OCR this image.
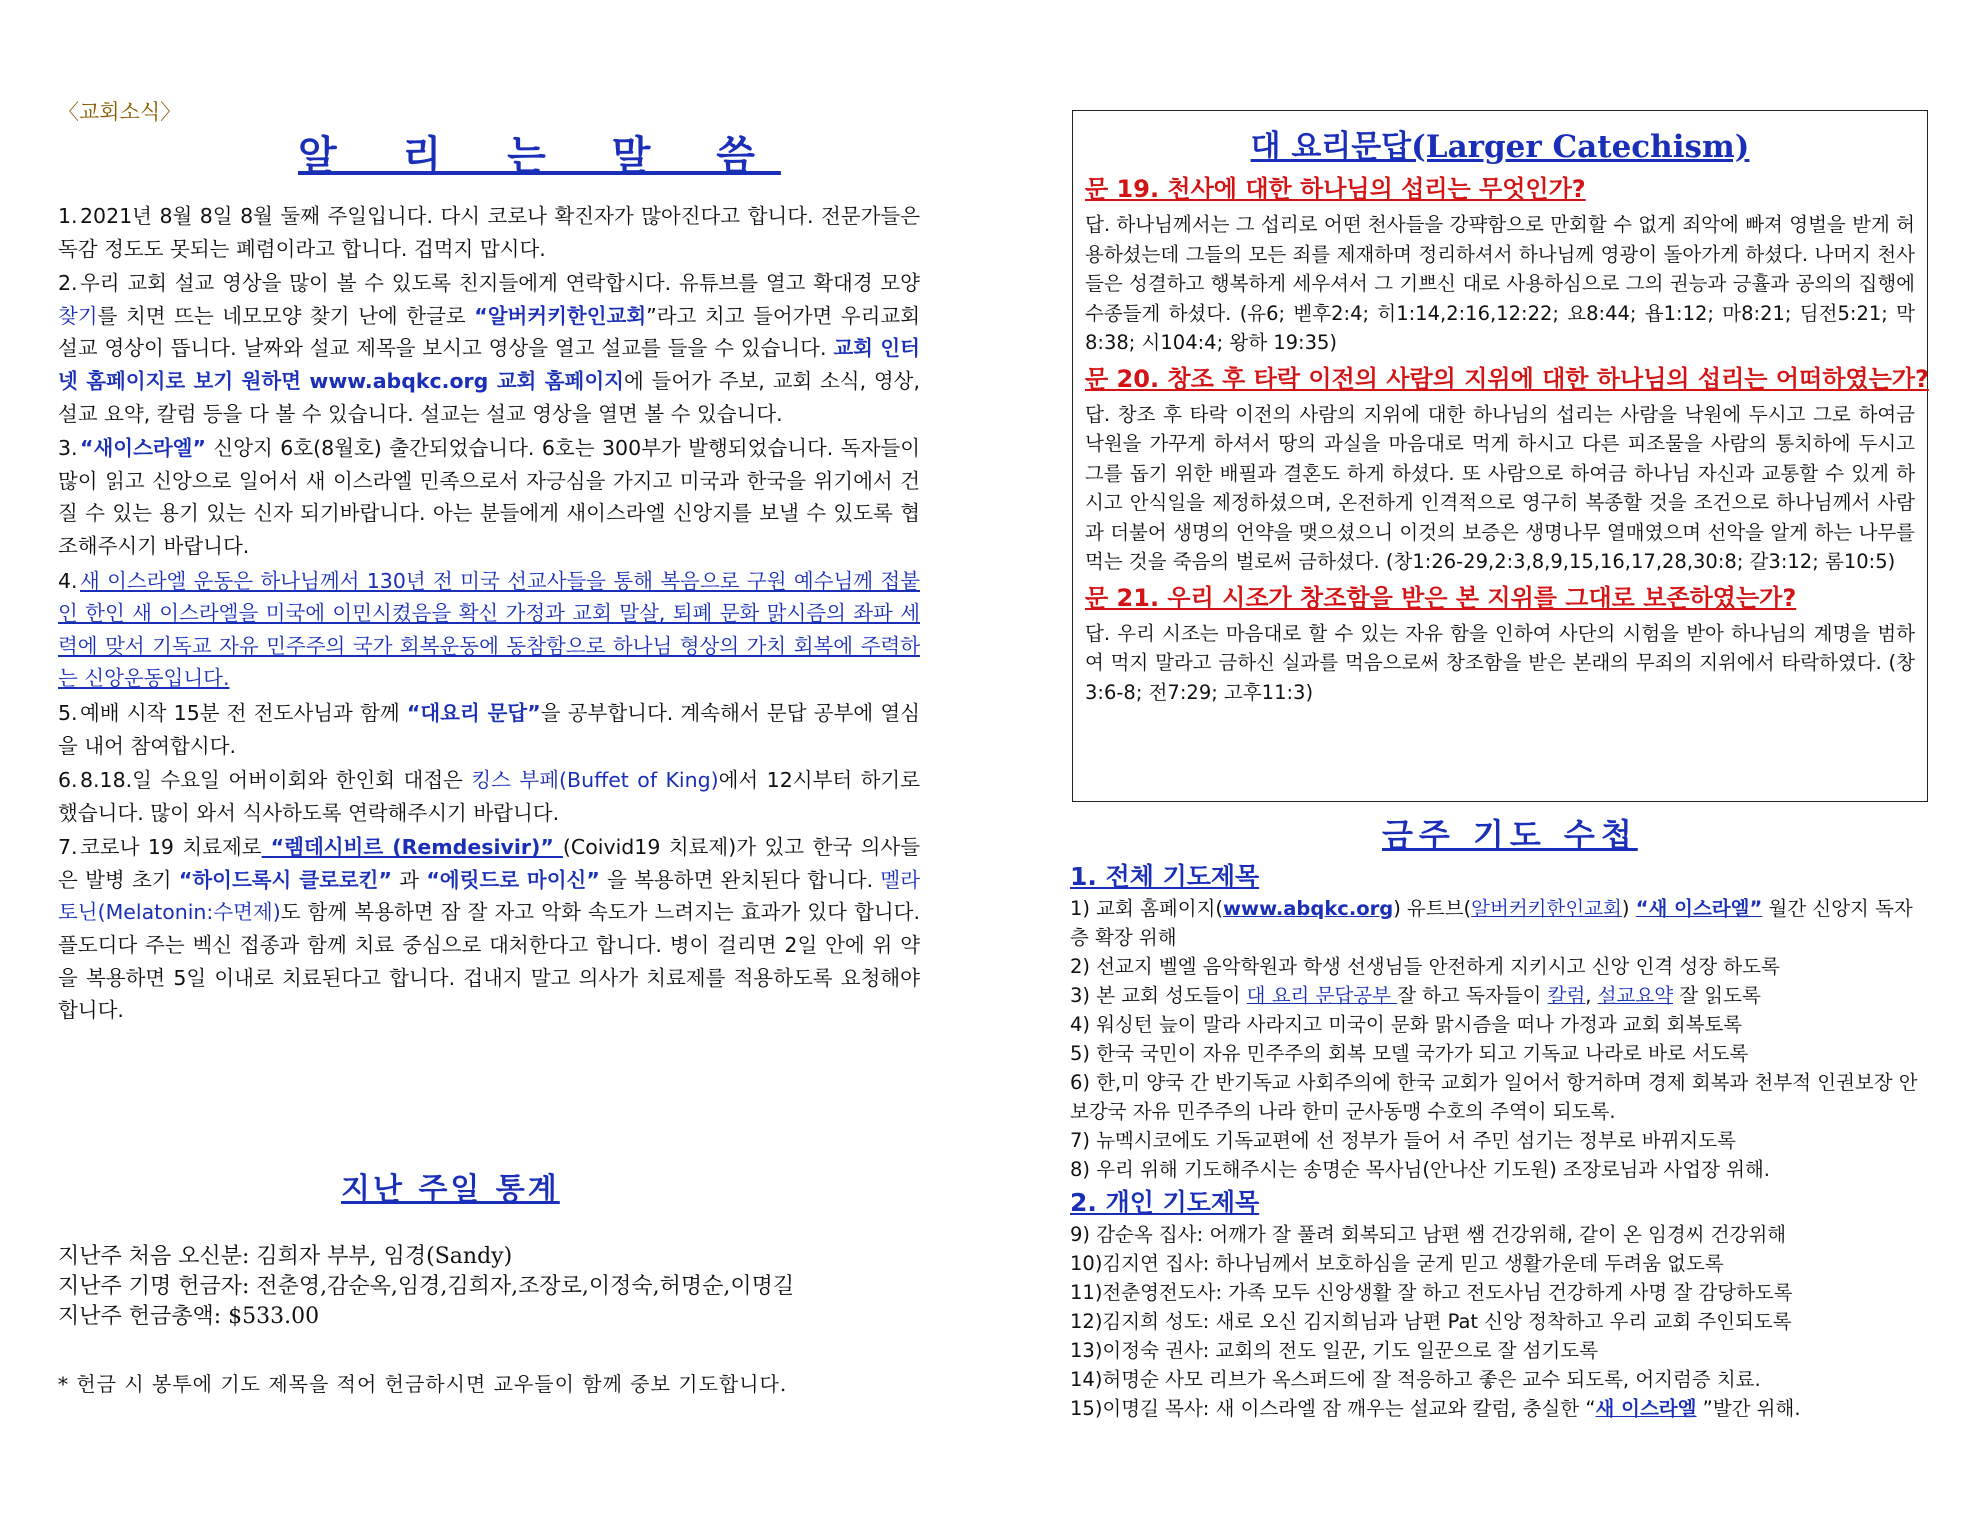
〈교회소식〉
알 리 는 말 씀
1. 2021년 8월 8일 8월 둘째 주일입니다. 다시 코로나 확진자가 많아진다고 합니다. 전문가들은 독감 정도도 못되는 폐렴이라고 합니다. 겁먹지 맙시다.
2. 우리 교회 설교 영상을 많이 볼 수 있도록 친지들에게 연락합시다. 유튜브를 열고 확대경 모양 찾기를 치면 뜨는 네모모양 찾기 난에 한글로 “알버커키한인교회”라고 치고 들어가면 우리교회 설교 영상이 뜹니다. 날짜와 설교 제목을 보시고 영상을 열고 설교를 들을 수 있습니다. 교회 인터넷 홈페이지로 보기 원하면 www.abqkc.org 교회 홈페이지에 들어가 주보, 교회 소식, 영상, 설교 요약, 칼럼 등을 다 볼 수 있습니다. 설교는 설교 영상을 열면 볼 수 있습니다.
3. “새이스라엘” 신앙지 6호(8월호) 출간되었습니다. 6호는 300부가 발행되었습니다. 독자들이 많이 읽고 신앙으로 일어서 새 이스라엘 민족으로서 자긍심을 가지고 미국과 한국을 위기에서 건질 수 있는 용기 있는 신자 되기바랍니다. 아는 분들에게 새이스라엘 신앙지를 보낼 수 있도록 협조해주시기 바랍니다.
4. 새 이스라엘 운동은 하나님께서 130년 전 미국 선교사들을 통해 복음으로 구원 예수님께 접붙인 한인 새 이스라엘을 미국에 이민시켰음을 확신 가정과 교회 말살, 퇴폐 문화 맑시즘의 좌파 세력에 맞서 기독교 자유 민주주의 국가 회복운동에 동참함으로 하나님 형상의 가치 회복에 주력하는 신앙운동입니다.
5. 예배 시작 15분 전 전도사님과 함께 “대요리 문답”을 공부합니다. 계속해서 문답 공부에 열심을 내어 참여합시다.
6. 8.18.일 수요일 어버이회와 한인회 대접은 킹스 부페(Buffet of King)에서 12시부터 하기로 했습니다. 많이 와서 식사하도록 연락해주시기 바랍니다.
7. 코로나 19 치료제로 “렘데시비르 (Remdesivir)” (Coivid19 치료제)가 있고 한국 의사들은 발병 초기 “하이드록시 클로로킨” 과 “에릿드로 마이신” 을 복용하면 완치된다 합니다. 멜라토닌(Melatonin:수면제)도 함께 복용하면 잠 잘 자고 악화 속도가 느려지는 효과가 있다 합니다. 플도디다 주는 벡신 접종과 함께 치료 중심으로 대처한다고 합니다. 병이 걸리면 2일 안에 위 약을 복용하면 5일 이내로 치료된다고 합니다. 겁내지 말고 의사가 치료제를 적용하도록 요청해야 합니다.
지난 주일 통계
지난주 처음 오신분: 김희자 부부, 임경(Sandy)
지난주 기명 헌금자: 전춘영,감순옥,임경,김희자,조장로,이정숙,허명순,이명길
지난주 헌금총액: $533.00
* 헌금 시 봉투에 기도 제목을 적어 헌금하시면 교우들이 함께 중보 기도합니다.
대 요리문답(Larger Catechism)

문 19. 천사에 대한 하나님의 섭리는 무엇인가?

답. 하나님께서는 그 섭리로 어떤 천사들을 강퍅함으로 만회할 수 없게 죄악에 빠져 영벌을 받게 허용하셨는데 그들의 모든 죄를 제재하며 정리하셔서 하나님께 영광이 돌아가게 하셨다. 나머지 천사들은 성결하고 행복하게 세우셔서 그 기쁘신 대로 사용하심으로 그의 권능과 긍휼과 공의의 집행에 수종들게 하셨다. (유6; 벧후2:4; 히1:14,2:16,12:22; 요8:44; 욥1:12; 마8:21; 딤전5:21; 막8:38; 시104:4; 왕하 19:35)

문 20. 창조 후 타락 이전의 사람의 지위에 대한 하나님의 섭리는 어떠하였는가?

답. 창조 후 타락 이전의 사람의 지위에 대한 하나님의 섭리는 사람을 낙원에 두시고 그로 하여금 낙원을 가꾸게 하셔서 땅의 과실을 마음대로 먹게 하시고 다른 피조물을 사람의 통치하에 두시고 그를 돕기 위한 배필과 결혼도 하게 하셨다. 또 사람으로 하여금 하나님 자신과 교통할 수 있게 하시고 안식일을 제정하셨으며, 온전하게 인격적으로 영구히 복종할 것을 조건으로 하나님께서 사람과 더불어 생명의 언약을 맺으셨으니 이것의 보증은 생명나무 열매였으며 선악을 알게 하는 나무를 먹는 것을 죽음의 벌로써 금하셨다. (창1:26-29,2:3,8,9,15,16,17,28,30:8; 갈3:12; 롬10:5)

문 21. 우리 시조가 창조함을 받은 본 지위를 그대로 보존하였는가?

답. 우리 시조는 마음대로 할 수 있는 자유 함을 인하여 사단의 시험을 받아 하나님의 계명을 범하여 먹지 말라고 금하신 실과를 먹음으로써 창조함을 받은 본래의 무죄의 지위에서 타락하였다. (창3:6-8; 전7:29; 고후11:3)

금주 기도 수첩
1. 전체 기도제목
1) 교회 홈페이지(www.abqkc.org) 유트브(알버커키한인교회) “새 이스라엘” 월간 신앙지 독자층 확장 위해
2) 선교지 벨엘 음악학원과 학생 선생님들 안전하게 지키시고 신앙 인격 성장 하도록
3) 본 교회 성도들이 대 요리 문답공부 잘 하고 독자들이 칼럼, 설교요약 잘 읽도록
4) 워싱턴 늪이 말라 사라지고 미국이 문화 맑시즘을 떠나 가정과 교회 회복토록
5) 한국 국민이 자유 민주주의 회복 모델 국가가 되고 기독교 나라로 바로 서도록
6) 한,미 양국 간 반기독교 사회주의에 한국 교회가 일어서 항거하며 경제 회복과 천부적 인권보장 안보강국 자유 민주주의 나라 한미 군사동맹 수호의 주역이 되도록.
7) 뉴멕시코에도 기독교편에 선 정부가 들어 서 주민 섬기는 정부로 바뀌지도록
8) 우리 위해 기도해주시는 송명순 목사님(안나산 기도원) 조장로님과 사업장 위해.
2. 개인 기도제목
9) 감순옥 집사: 어깨가 잘 풀려 회복되고 남편 쌤 건강위해, 같이 온 임경씨 건강위해
10)김지연 집사: 하나님께서 보호하심을 굳게 믿고 생활가운데 두려움 없도록
11)전춘영전도사: 가족 모두 신앙생활 잘 하고 전도사님 건강하게 사명 잘 감당하도록
12)김지희 성도: 새로 오신 김지희님과 남편 Pat 신앙 정착하고 우리 교회 주인되도록
13)이정숙 권사: 교회의 전도 일꾼, 기도 일꾼으로 잘 섬기도록
14)허명순 사모 리브가 옥스퍼드에 잘 적응하고 좋은 교수 되도록, 어지럼증 치료.
15)이명길 목사: 새 이스라엘 잠 깨우는 설교와 칼럼, 충실한 “새 이스라엘 ”발간 위해.
